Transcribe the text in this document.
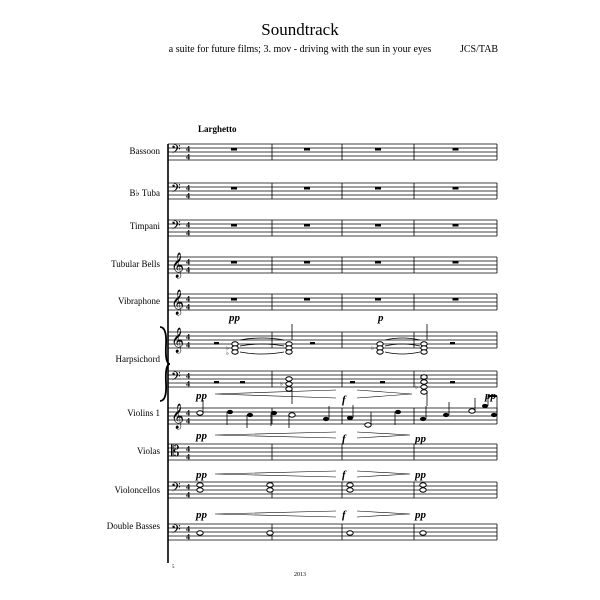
Soundtrack
a suite for future films; 3. mov - driving with the sun in your eyes	JCS/TAB
Larghetto
Bassoon
B♭ Tuba
Timpani
Tubular Bells
Vibraphone
Harpsichord
Violins 1
Violas
Violoncellos
Double Basses
5
2013
𝄢
𝄢
𝄢
𝄞
𝄞
𝄞
𝄢
𝄞
𝄡
𝄢
𝄢
4
4
4
4
4
4
4
4
4
4
4
4
4
4
4
4
4
4
4
4
4
4
♭
♭
♭
♭
♭
pp	p
pp	f	pp
pp	f	pp
pp	f	pp
pp	f	pp
